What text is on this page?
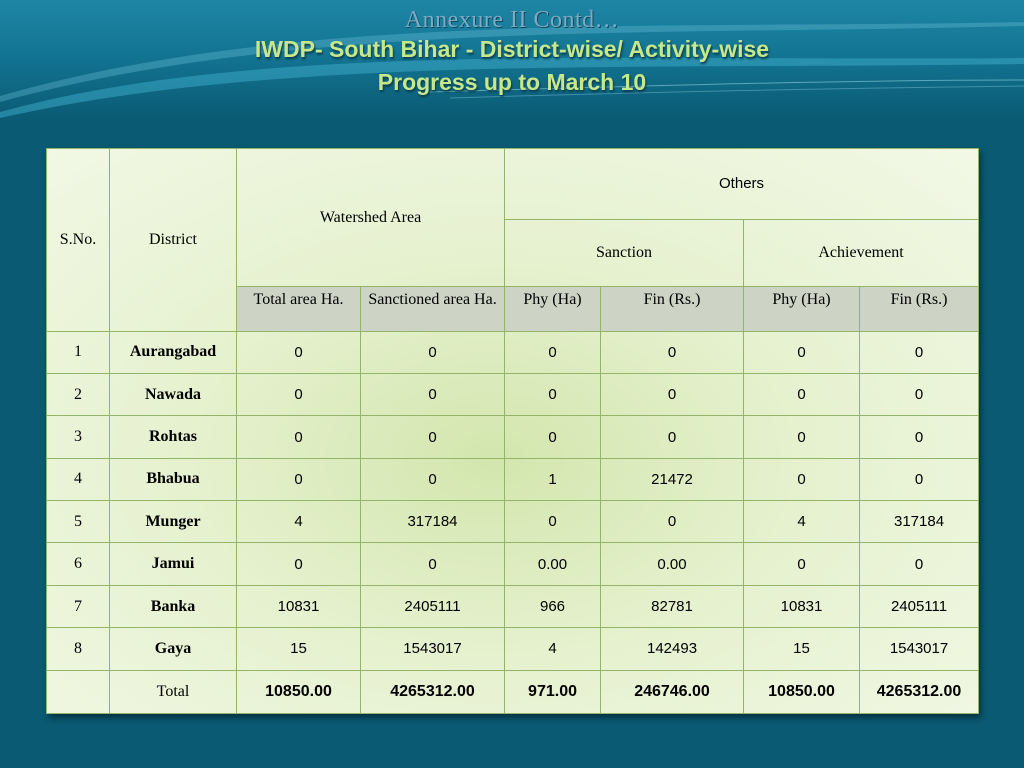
Annexure II Contd…
IWDP- South Bihar - District-wise/ Activity-wise
Progress up to March 10
S.No.	District	Watershed Area		Others			
				Sanction		Achievement	
		Total area Ha.	Sanctioned area Ha.	Phy (Ha)	Fin (Rs.)	Phy (Ha)	Fin (Rs.)
1	Aurangabad	0	0	0	0	0	0
2	Nawada	0	0	0	0	0	0
3	Rohtas	0	0	0	0	0	0
4	Bhabua	0	0	1	21472	0	0
5	Munger	4	317184	0	0	4	317184
6	Jamui	0	0	0.00	0.00	0	0
7	Banka	10831	2405111	966	82781	10831	2405111
8	Gaya	15	1543017	4	142493	15	1543017
	Total	10850.00	4265312.00	971.00	246746.00	10850.00	4265312.00
